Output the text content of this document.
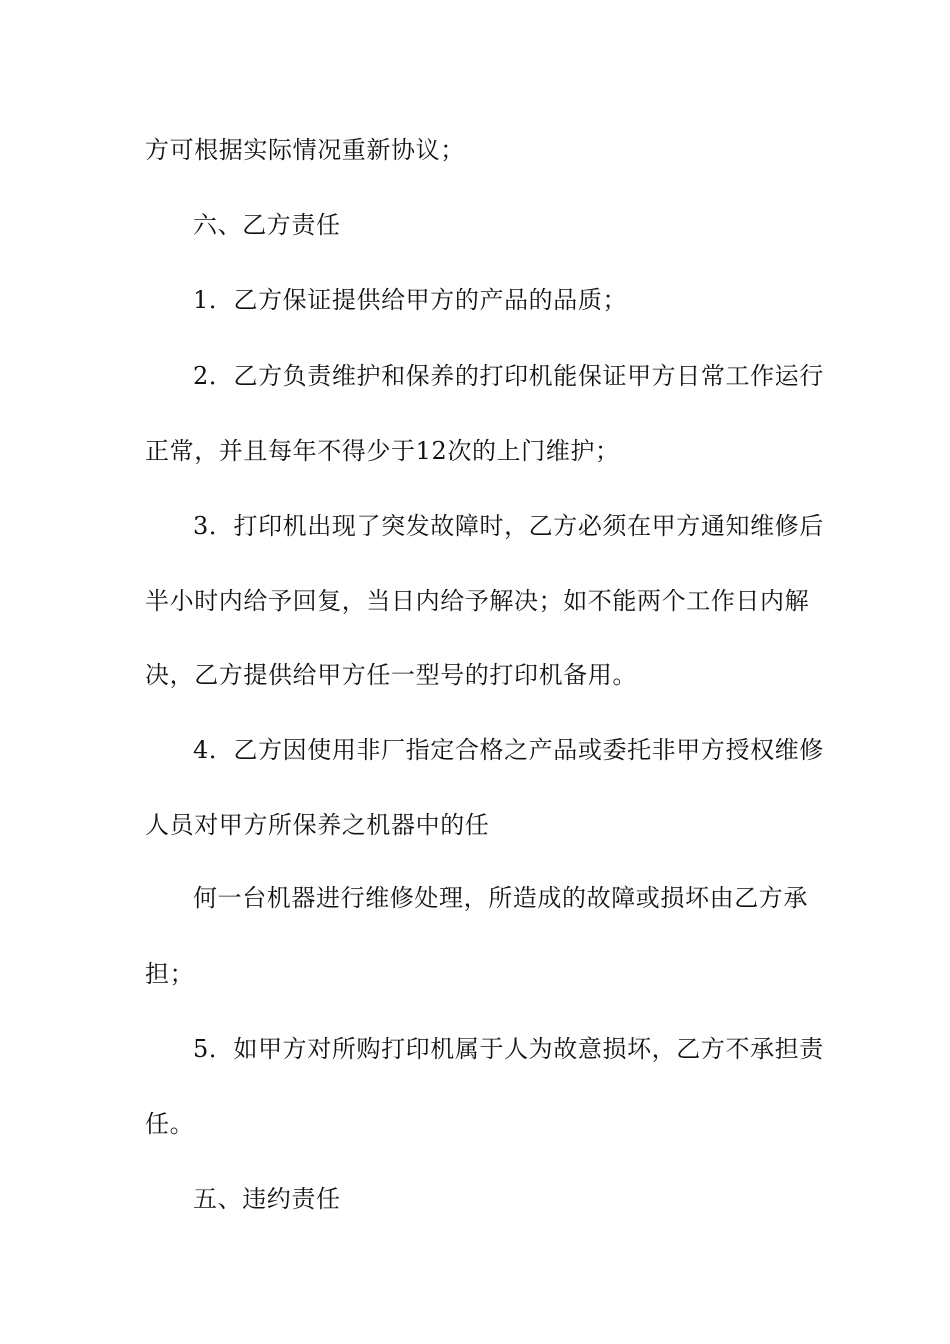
方可根据实际情况重新协议；
六、乙方责任
1．乙方保证提供给甲方的产品的品质；
2．乙方负责维护和保养的打印机能保证甲方日常工作运行
正常，并且每年不得少于12次的上门维护；
3．打印机出现了突发故障时，乙方必须在甲方通知维修后
半小时内给予回复，当日内给予解决；如不能两个工作日内解
决，乙方提供给甲方任一型号的打印机备用。
4．乙方因使用非厂指定合格之产品或委托非甲方授权维修
人员对甲方所保养之机器中的任
何一台机器进行维修处理，所造成的故障或损坏由乙方承
担；
5．如甲方对所购打印机属于人为故意损坏，乙方不承担责
任。
五、违约责任
